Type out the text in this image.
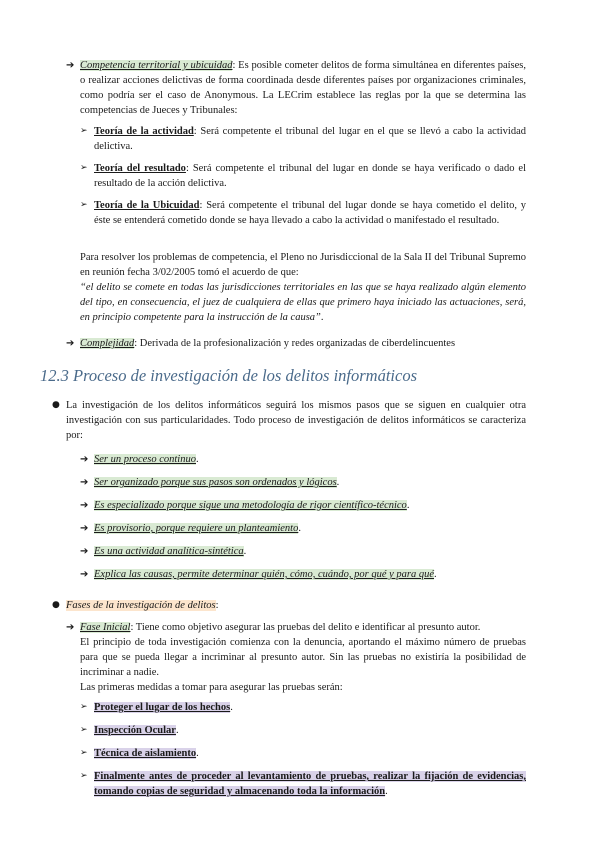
➔ Competencia territorial y ubicuidad: Es posible cometer delitos de forma simultánea en diferentes países, o realizar acciones delictivas de forma coordinada desde diferentes países por organizaciones criminales, como podría ser el caso de Anonymous. La LECrim establece las reglas por la que se determina las competencias de Jueces y Tribunales:
➢ Teoría de la actividad: Será competente el tribunal del lugar en el que se llevó a cabo la actividad delictiva.
➢ Teoría del resultado: Será competente el tribunal del lugar en donde se haya verificado o dado el resultado de la acción delictiva.
➢ Teoría de la Ubicuidad: Será competente el tribunal del lugar donde se haya cometido el delito, y éste se entenderá cometido donde se haya llevado a cabo la actividad o manifestado el resultado.
Para resolver los problemas de competencia, el Pleno no Jurisdiccional de la Sala II del Tribunal Supremo en reunión fecha 3/02/2005 tomó el acuerdo de que:
“el delito se comete en todas las jurisdicciones territoriales en las que se haya realizado algún elemento del tipo, en consecuencia, el juez de cualquiera de ellas que primero haya iniciado las actuaciones, será, en principio competente para la instrucción de la causa”.
➔ Complejidad: Derivada de la profesionalización y redes organizadas de ciberdelincuentes
12.3 Proceso de investigación de los delitos informáticos
● La investigación de los delitos informáticos seguirá los mismos pasos que se siguen en cualquier otra investigación con sus particularidades. Todo proceso de investigación de delitos informáticos se caracteriza por:
➔ Ser un proceso continuo.
➔ Ser organizado porque sus pasos son ordenados y lógicos.
➔ Es especializado porque sigue una metodología de rigor científico-técnico.
➔ Es provisorio, porque requiere un planteamiento.
➔ Es una actividad analítica-sintética.
➔ Explica las causas, permite determinar quién, cómo, cuándo, por qué y para qué.
● Fases de la investigación de delitos:
➔ Fase Inicial: Tiene como objetivo asegurar las pruebas del delito e identificar al presunto autor.
El principio de toda investigación comienza con la denuncia, aportando el máximo número de pruebas para que se pueda llegar a incriminar al presunto autor. Sin las pruebas no existiría la posibilidad de incriminar a nadie.
Las primeras medidas a tomar para asegurar las pruebas serán:
➢ Proteger el lugar de los hechos.
➢ Inspección Ocular.
➢ Técnica de aislamiento.
➢ Finalmente antes de proceder al levantamiento de pruebas, realizar la fijación de evidencias, tomando copias de seguridad y almacenando toda la información.
